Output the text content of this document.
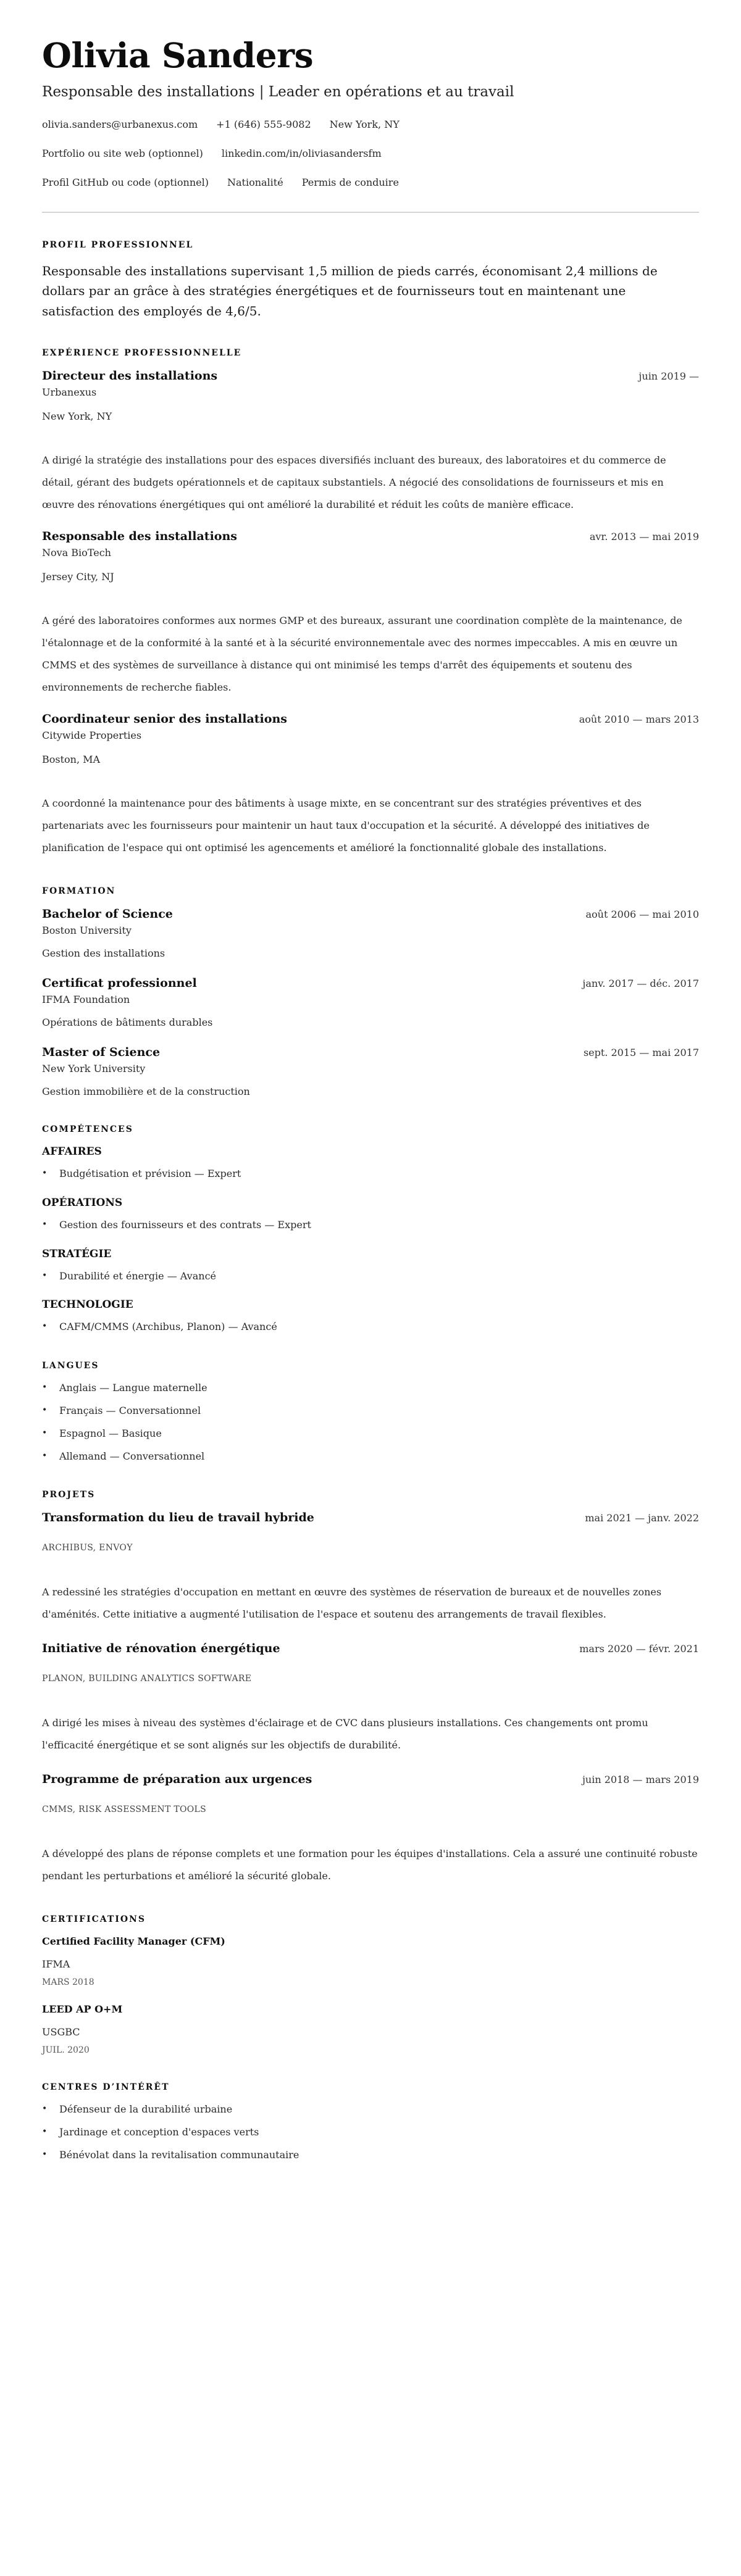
Olivia Sanders
Responsable des installations | Leader en opérations et au travail
olivia.sanders@urbanexus.com +1 (646) 555-9082 New York, NY
Portfolio ou site web (optionnel) linkedin.com/in/oliviasandersfm
Profil GitHub ou code (optionnel) Nationalité Permis de conduire
PROFIL PROFESSIONNEL

Responsable des installations supervisant 1,5 million de pieds carrés, économisant 2,4 millions de dollars par an grâce à des stratégies énergétiques et de fournisseurs tout en maintenant une satisfaction des employés de 4,6/5.

EXPÉRIENCE PROFESSIONNELLE
Directeur des installations	juin 2019 —
Urbanexus
New York, NY
A dirigé la stratégie des installations pour des espaces diversifiés incluant des bureaux, des laboratoires et du commerce de détail, gérant des budgets opérationnels et de capitaux substantiels. A négocié des consolidations de fournisseurs et mis en œuvre des rénovations énergétiques qui ont amélioré la durabilité et réduit les coûts de manière efficace.
Responsable des installations	avr. 2013 — mai 2019
Nova BioTech
Jersey City, NJ
A géré des laboratoires conformes aux normes GMP et des bureaux, assurant une coordination complète de la maintenance, de l'étalonnage et de la conformité à la santé et à la sécurité environnementale avec des normes impeccables. A mis en œuvre un CMMS et des systèmes de surveillance à distance qui ont minimisé les temps d'arrêt des équipements et soutenu des environnements de recherche fiables.
Coordinateur senior des installations	août 2010 — mars 2013
Citywide Properties
Boston, MA
A coordonné la maintenance pour des bâtiments à usage mixte, en se concentrant sur des stratégies préventives et des partenariats avec les fournisseurs pour maintenir un haut taux d'occupation et la sécurité. A développé des initiatives de planification de l'espace qui ont optimisé les agencements et amélioré la fonctionnalité globale des installations.
FORMATION
Bachelor of Science	août 2006 — mai 2010
Boston University
Gestion des installations
Certificat professionnel	janv. 2017 — déc. 2017
IFMA Foundation
Opérations de bâtiments durables
Master of Science	sept. 2015 — mai 2017
New York University
Gestion immobilière et de la construction
COMPÉTENCES
AFFAIRES
• Budgétisation et prévision — Expert
OPÉRATIONS
• Gestion des fournisseurs et des contrats — Expert
STRATÉGIE
• Durabilité et énergie — Avancé
TECHNOLOGIE
• CAFM/CMMS (Archibus, Planon) — Avancé
LANGUES
• Anglais — Langue maternelle
• Français — Conversationnel
• Espagnol — Basique
• Allemand — Conversationnel
PROJETS
Transformation du lieu de travail hybride	mai 2021 — janv. 2022
ARCHIBUS, ENVOY
A redessiné les stratégies d'occupation en mettant en œuvre des systèmes de réservation de bureaux et de nouvelles zones d'aménités. Cette initiative a augmenté l'utilisation de l'espace et soutenu des arrangements de travail flexibles.
Initiative de rénovation énergétique	mars 2020 — févr. 2021
PLANON, BUILDING ANALYTICS SOFTWARE
A dirigé les mises à niveau des systèmes d'éclairage et de CVC dans plusieurs installations. Ces changements ont promu l'efficacité énergétique et se sont alignés sur les objectifs de durabilité.
Programme de préparation aux urgences	juin 2018 — mars 2019
CMMS, RISK ASSESSMENT TOOLS
A développé des plans de réponse complets et une formation pour les équipes d'installations. Cela a assuré une continuité robuste pendant les perturbations et amélioré la sécurité globale.
CERTIFICATIONS
Certified Facility Manager (CFM)
IFMA
MARS 2018
LEED AP O+M
USGBC
JUIL. 2020
CENTRES D’INTÉRÊT
• Défenseur de la durabilité urbaine
• Jardinage et conception d'espaces verts
• Bénévolat dans la revitalisation communautaire
